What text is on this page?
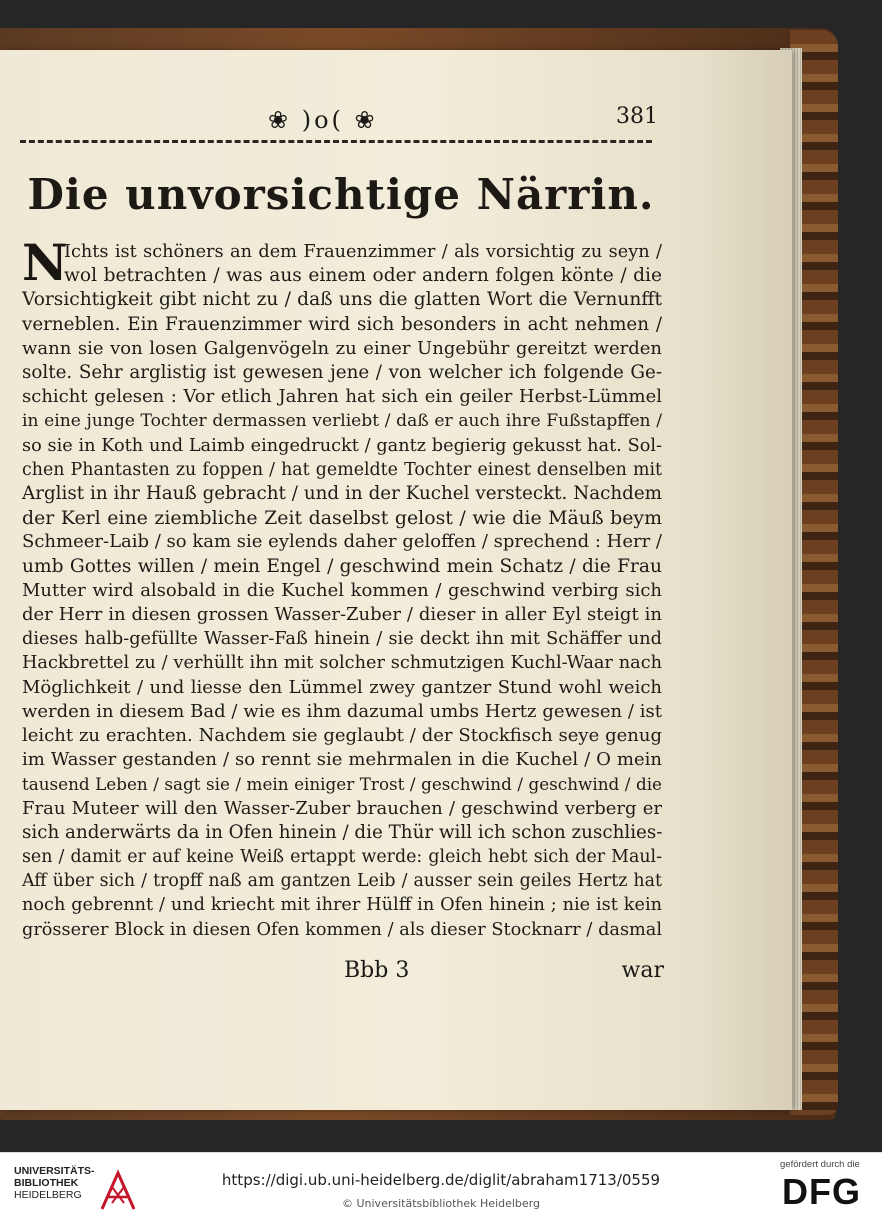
❀ )o( ❀	381
Die unvorsichtige Närrin.
N
Ichts ist schöners an dem Frauenzimmer / als vorsichtig zu seyn /
wol betrachten / was aus einem oder andern folgen könte / die
Vorsichtigkeit gibt nicht zu / daß uns die glatten Wort die Vernunfft
verneblen. Ein Frauenzimmer wird sich besonders in acht nehmen /
wann sie von losen Galgenvögeln zu einer Ungebühr gereitzt werden
solte. Sehr arglistig ist gewesen jene / von welcher ich folgende Ge-
schicht gelesen : Vor etlich Jahren hat sich ein geiler Herbst-Lümmel
in eine junge Tochter dermassen verliebt / daß er auch ihre Fußstapffen /
so sie in Koth und Laimb eingedruckt / gantz begierig gekusst hat. Sol-
chen Phantasten zu foppen / hat gemeldte Tochter einest denselben mit
Arglist in ihr Hauß gebracht / und in der Kuchel versteckt. Nachdem
der Kerl eine ziembliche Zeit daselbst gelost / wie die Mäuß beym
Schmeer-Laib / so kam sie eylends daher geloffen / sprechend : Herr /
umb Gottes willen / mein Engel / geschwind mein Schatz / die Frau
Mutter wird alsobald in die Kuchel kommen / geschwind verbirg sich
der Herr in diesen grossen Wasser-Zuber / dieser in aller Eyl steigt in
dieses halb-gefüllte Wasser-Faß hinein / sie deckt ihn mit Schäffer und
Hackbrettel zu / verhüllt ihn mit solcher schmutzigen Kuchl-Waar nach
Möglichkeit / und liesse den Lümmel zwey gantzer Stund wohl weich
werden in diesem Bad / wie es ihm dazumal umbs Hertz gewesen / ist
leicht zu erachten. Nachdem sie geglaubt / der Stockfisch seye genug
im Wasser gestanden / so rennt sie mehrmalen in die Kuchel / O mein
tausend Leben / sagt sie / mein einiger Trost / geschwind / geschwind / die
Frau Muteer will den Wasser-Zuber brauchen / geschwind verberg er
sich anderwärts da in Ofen hinein / die Thür will ich schon zuschlies-
sen / damit er auf keine Weiß ertappt werde: gleich hebt sich der Maul-
Aff über sich / tropff naß am gantzen Leib / ausser sein geiles Hertz hat
noch gebrennt / und kriecht mit ihrer Hülff in Ofen hinein ; nie ist kein
grösserer Block in diesen Ofen kommen / als dieser Stocknarr / dasmal
Bbb 3	war
UNIVERSITÄTS-
BIBLIOTHEK
HEIDELBERG
https://digi.ub.uni-heidelberg.de/diglit/abraham1713/0559
© Universitätsbibliothek Heidelberg
gefördert durch die
DFG
